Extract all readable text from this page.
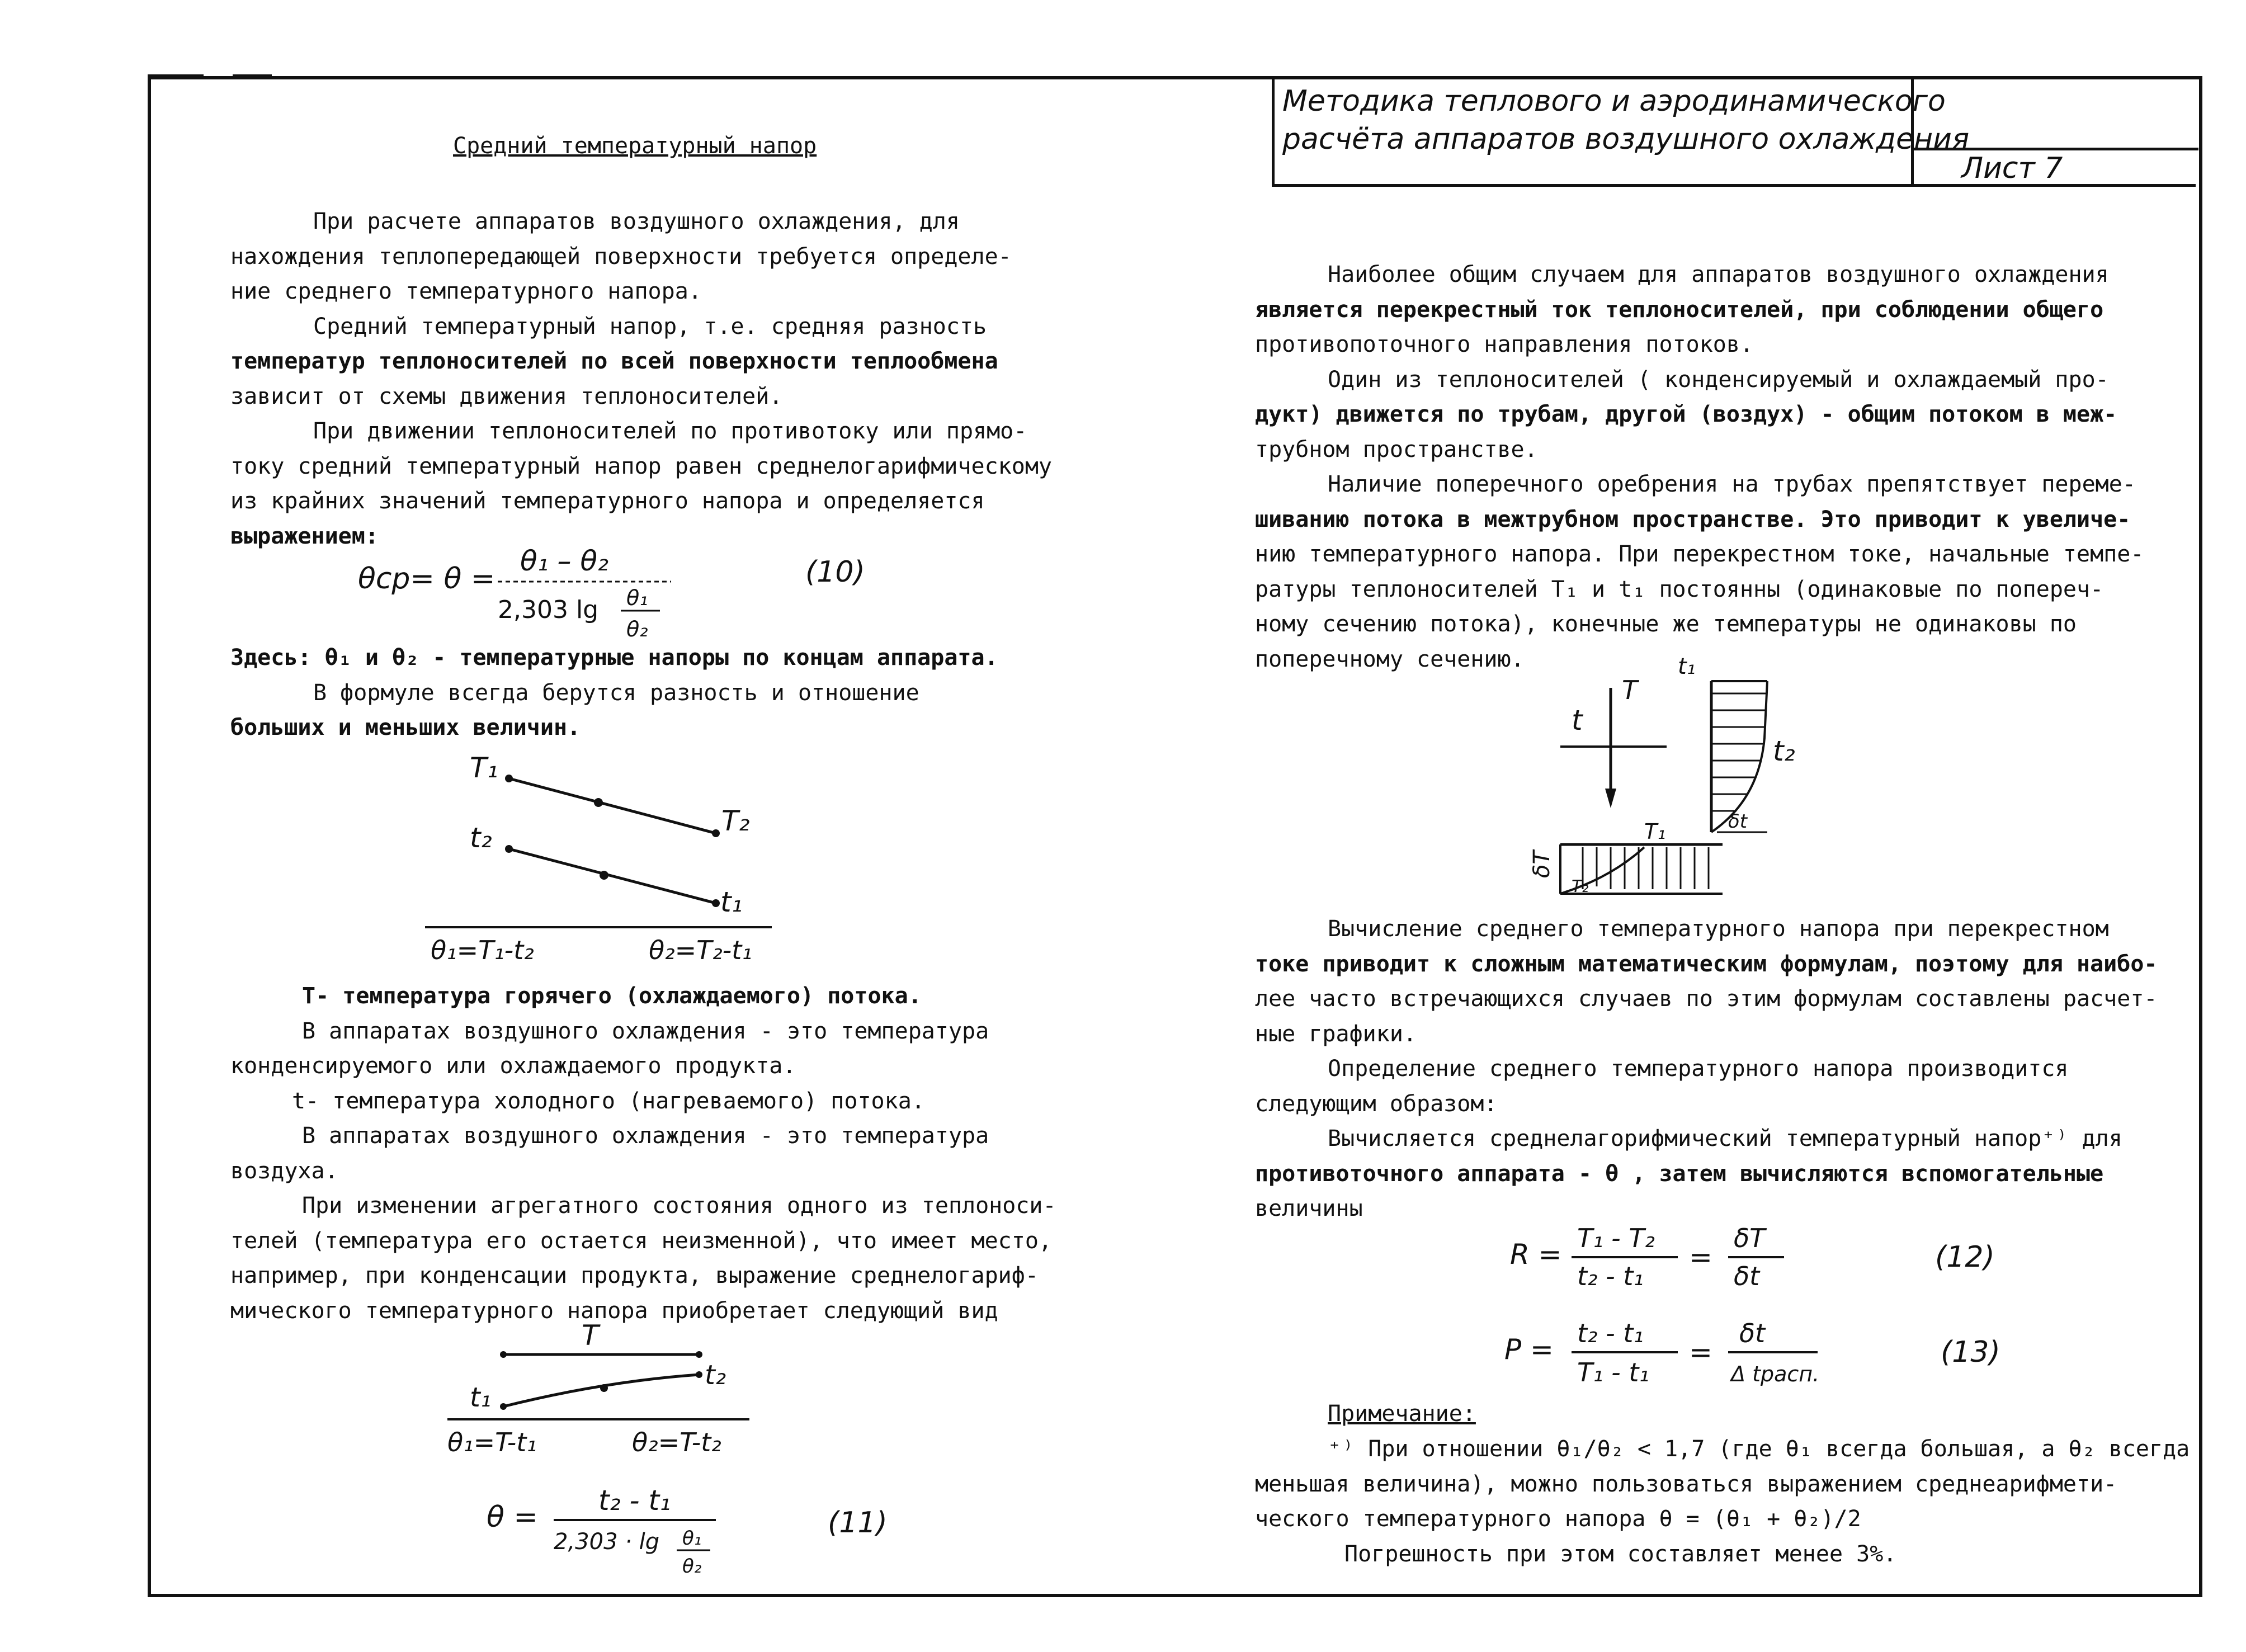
Методика теплового и аэродинамического
расчёта аппаратов воздушного охлаждения
Лист 7
Средний температурный напор

При расчете аппаратов воздушного охлаждения, для

нахождения теплопередающей поверхности требуется определе-

ние среднего температурного напора.

Средний температурный напор, т.е. средняя разность

температур теплоносителей по всей поверхности теплообмена

зависит от схемы движения теплоносителей.

При движении теплоносителей по противотоку или прямо-

току средний температурный напор равен среднелогарифмическому

из крайних значений температурного напора и определяется

выражением:

θср= θ =
θ₁ – θ₂
2,303 lg θ₁
θ₂
(10)

Здесь: θ₁ и θ₂ - температурные напоры по концам аппарата.

В формуле всегда берутся разность и отношение

больших и меньших величин.

T₁
T₂
t₂
t₁
θ₁=T₁-t₂	θ₂=T₂-t₁

Т- температура горячего (охлаждаемого) потока.

В аппаратах воздушного охлаждения - это температура

конденсируемого или охлаждаемого продукта.

t- температура холодного (нагреваемого) потока.

В аппаратах воздушного охлаждения - это температура

воздуха.

При изменении агрегатного состояния одного из теплоноси-

телей (температура его остается неизменной), что имеет место,

например, при конденсации продукта, выражение среднелогариф-

мического температурного напора приобретает следующий вид

T
t₂
t₁
θ₁=T-t₁	θ₂=T-t₂
θ = t₂ - t₁
2,303 · lg θ₁
θ₂
(11)

Наиболее общим случаем для аппаратов воздушного охлаждения

является перекрестный ток теплоносителей, при соблюдении общего

противопоточного направления потоков.

Один из теплоносителей ( конденсируемый и охлаждаемый про-

дукт) движется по трубам, другой (воздух) - общим потоком в меж-

трубном пространстве.

Наличие поперечного оребрения на трубах препятствует переме-

шиванию потока в межтрубном пространстве. Это приводит к увеличе-

нию температурного напора. При перекрестном токе, начальные темпе-

ратуры теплоносителей T₁ и t₁ постоянны (одинаковые по попереч-

ному сечению потока), конечные же температуры не одинаковы по

поперечному сечению.

T
t
t₁
t₂
δt
T₁
T₂
δT

Вычисление среднего температурного напора при перекрестном

токе приводит к сложным математическим формулам, поэтому для наибо-

лее часто встречающихся случаев по этим формулам составлены расчет-

ные графики.

Определение среднего температурного напора производится

следующим образом:

Вычисляется среднелагорифмический температурный напор⁺⁾ для

противоточного аппарата - θ , затем вычисляются вспомогательные

величины

R = T₁ - T₂
t₂ - t₁
=
δT
δt
(12)
P = t₂ - t₁
T₁ - t₁
=
δt
Δ tрасп.
(13)
Примечание:

⁺⁾ При отношении θ₁/θ₂ < 1,7 (где θ₁ всегда большая, а θ₂ всегда

меньшая величина), можно пользоваться выражением среднеарифмети-

ческого температурного напора θ = (θ₁ + θ₂)/2

Погрешность при этом составляет менее 3%.
